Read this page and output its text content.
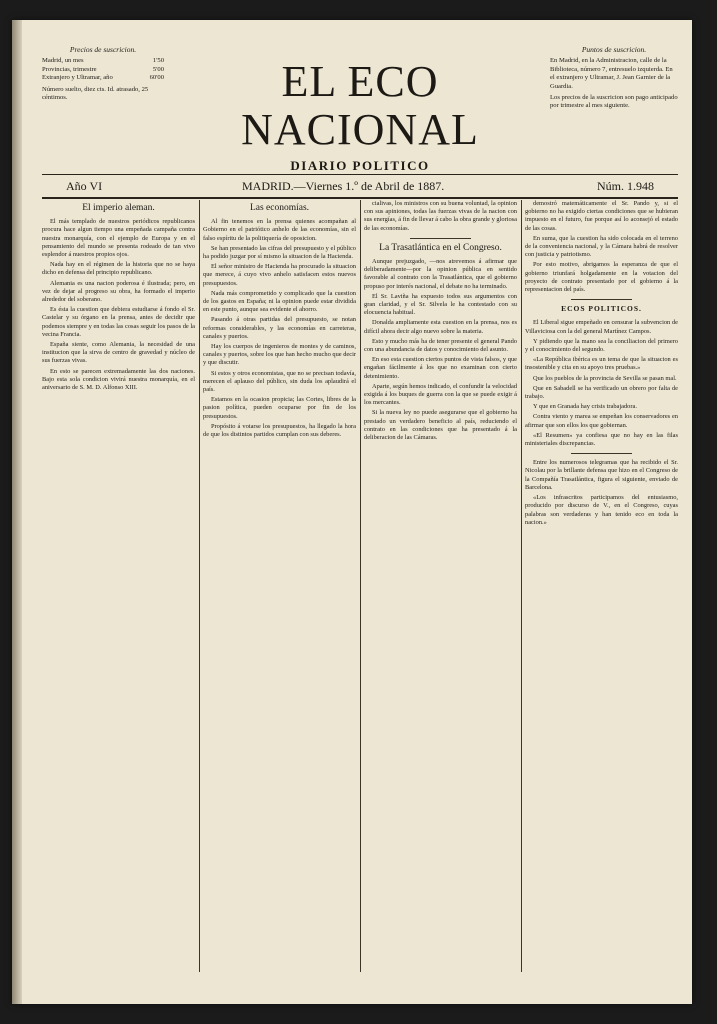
Precios de suscricion.
Madrid, un mes	1'50
Provincias, trimestre	5'00
Extranjero y Ultramar, año	60'00
Número suelto, diez cts. Id. atrasado, 25 céntimos.	EL ECO NACIONAL
DIARIO POLITICO
Puntos de suscricion.
En Madrid, en la Administracion, calle de la Biblioteca, número 7, entresuelo izquierda. En el extranjero y Ultramar, J. Jean Garnier de la Guardia.
Los precios de la suscricion son pago anticipado por trimestre al mes siguiente.
Año VI	MADRID.—Viernes 1.º de Abril de 1887.	Núm. 1.948
El imperio aleman.

El más templado de nuestros periódicos republicanos procura hace algun tiempo una empeñada campaña contra nuestra monarquía, con el ejemplo de Europa y en el pensamiento del mundo se presenta rodeado de tan vivo esplendor á nuestros propios ojos.

Nada hay en el régimen de la historia que no se haya dicho en defensa del principio republicano.

Alemania es una nacion poderosa é ilustrada; pero, en vez de dejar al progreso su obra, ha formado el imperio alrededor del soberano.

Es ésta la cuestion que debiera estudiarse á fondo el Sr. Castelar y su órgano en la prensa, antes de decidir que podemos siempre y en todas las cosas seguir los pasos de la vecina Francia.

España siente, como Alemania, la necesidad de una institucion que la sirva de centro de gravedad y núcleo de sus fuerzas vivas.

En esto se parecen extremadamente las dos naciones. Bajo esta sola condicion vivirá nuestra monarquía, en el aniversario de S. M. D. Alfonso XIII.

Las economías.

Al fin tenemos en la prensa quienes acompañan al Gobierno en el patriótico anhelo de las economías, sin el falso espíritu de la politiquería de oposicion.

Se han presentado las cifras del presupuesto y el público ha podido juzgar por sí mismo la situacion de la Hacienda.

El señor ministro de Hacienda ha procurado la situacion que merece, á cuyo vivo anhelo satisfacen estos nuevos presupuestos.

Nada más comprometido y complicado que la cuestion de los gastos en España; ni la opinion puede estar dividida en este punto, aunque sea evidente el ahorro.

Pasando á otras partidas del presupuesto, se notan reformas considerables, y las economías en carreteras, canales y puertos.

Hay los cuerpos de ingenieros de montes y de caminos, canales y puertos, sobre los que han hecho mucho que decir y que discutir.

Si estos y otros economistas, que no se precisan todavía, merecen el aplauso del público, sin duda los aplaudirá el país.

Estamos en la ocasion propicia; las Cortes, libres de la pasion política, pueden ocuparse por fin de los presupuestos.

Propósito á votarse los presupuestos, ha llegado la hora de que los distintos partidos cumplan con sus deberes.

cialivas, los ministros con su buena voluntad, la opinion con sus apiniones, todas las fuerzas vivas de la nacion con sus energías, á fin de llevar á cabo la obra grande y gloriosa de las economías.

La Trasatlántica en el Congreso.

Aunque prejuzgado, —nos atrevemos á afirmar que deliberadamente—por la opinion pública en sentido favorable al contrato con la Trasatlántica, que el gobierno propuso por interés nacional, el debate no ha terminado.

El Sr. Laviña ha expuesto todos sus argumentos con gran claridad, y el Sr. Silvela le ha contestado con su elocuencia habitual.

Donalda ampliamente esta cuestion en la prensa, nos es difícil ahora decir algo nuevo sobre la materia.

Esto y mucho más ha de tener presente el general Pando con una abundancia de datos y conocimiento del asunto.

En eso esta cuestion ciertos puntos de vista falsos, y que engañan fácilmente á los que no examinan con cierto detenimiento.

Aparte, según hemos indicado, el confundir la velocidad exigida á los buques de guerra con la que se puede exigir á los mercantes.

Si la nueva ley no puede asegurarse que el gobierno ha prestado un verdadero beneficio al país, reduciendo el contrato en las condiciones que ha presentado á la deliberacion de las Cámaras.

demostró matemáticamente el Sr. Pando y, si el gobierno no ha exigido ciertas condiciones que se hubieran impuesto en el futuro, fue porque así lo aconsejó el estado de las cosas.

En suma, que la cuestion ha sido colocada en el terreno de la conveniencia nacional, y la Cámara habrá de resolver con justicia y patriotismo.

Por esto motivo, abrigamos la esperanza de que el gobierno triunfará holgadamente en la votacion del proyecto de contrato presentado por el gobierno á la representacion del país.

ECOS POLITICOS.

El Liberal sigue empeñado en censurar la subvencion de Villaviciosa con la del general Martínez Campos.

Y pidiendo que la mano sea la conciliacion del primero y el conocimiento del segundo.

«La República ibérica es un tema de que la situacion es insostenible y cita en su apoyo tres pruebas.»

Que los pueblos de la provincia de Sevilla se pasan mal.

Que en Sabadell se ha verificado un obrero por falta de trabajo.

Y que en Granada hay crisis trabajadora.

Contra viento y marea se empeñan los conservadores en afirmar que son ellos los que gobiernan.

«El Resumen» ya confiesa que no hay en las filas ministeriales discrepancias.

Entre los numerosos telegramas que ha recibido el Sr. Nicolau por la brillante defensa que hizo en el Congreso de la Compañía Trasatlántica, figura el siguiente, enviado de Barcelona.

«Los infrascritos participamos del entusiasmo, producido por discurso de V., en el Congreso, cuyas palabras son verdaderas y han tenido eco en toda la nacion.»
